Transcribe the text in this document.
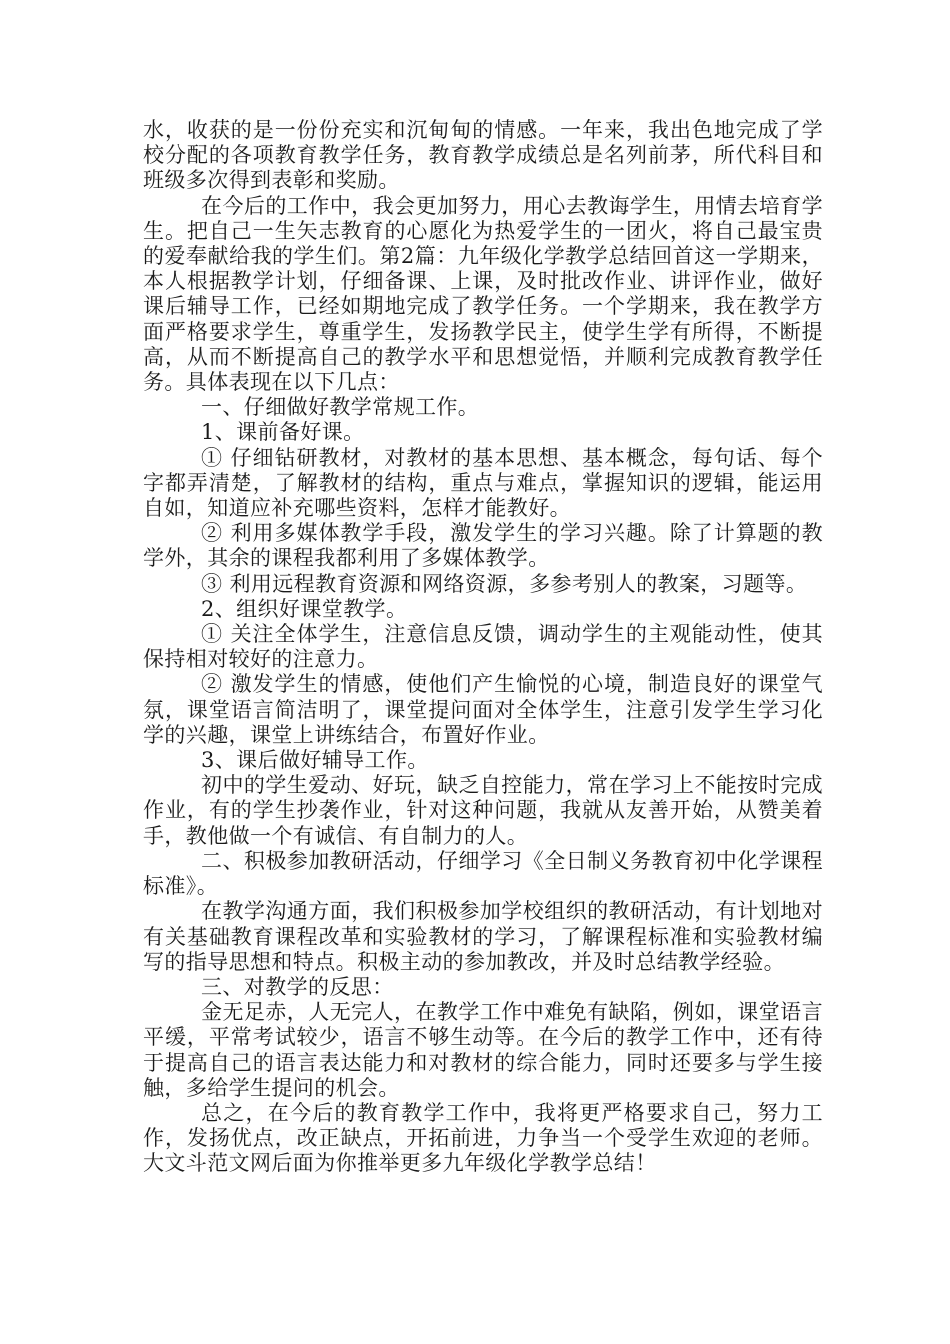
水，收获的是一份份充实和沉甸甸的情感。一年来，我出色地完成了学校分配的各项教育教学任务，教育教学成绩总是名列前茅，所代科目和班级多次得到表彰和奖励。

在今后的工作中，我会更加努力，用心去教诲学生，用情去培育学生。把自己一生矢志教育的心愿化为热爱学生的一团火，将自己最宝贵的爱奉献给我的学生们。第2篇：九年级化学教学总结回首这一学期来，本人根据教学计划，仔细备课、上课，及时批改作业、讲评作业，做好课后辅导工作，已经如期地完成了教学任务。一个学期来，我在教学方面严格要求学生，尊重学生，发扬教学民主，使学生学有所得，不断提高，从而不断提高自己的教学水平和思想觉悟，并顺利完成教育教学任务。具体表现在以下几点：

一、仔细做好教学常规工作。

1、课前备好课。

① 仔细钻研教材，对教材的基本思想、基本概念，每句话、每个字都弄清楚，了解教材的结构，重点与难点，掌握知识的逻辑，能运用自如，知道应补充哪些资料，怎样才能教好。

② 利用多媒体教学手段，激发学生的学习兴趣。除了计算题的教学外，其余的课程我都利用了多媒体教学。

③ 利用远程教育资源和网络资源，多参考别人的教案，习题等。

2、组织好课堂教学。

① 关注全体学生，注意信息反馈，调动学生的主观能动性，使其保持相对较好的注意力。

② 激发学生的情感，使他们产生愉悦的心境，制造良好的课堂气氛，课堂语言简洁明了，课堂提问面对全体学生，注意引发学生学习化学的兴趣，课堂上讲练结合，布置好作业。

3、课后做好辅导工作。

初中的学生爱动、好玩，缺乏自控能力，常在学习上不能按时完成作业，有的学生抄袭作业，针对这种问题，我就从友善开始，从赞美着手，教他做一个有诚信、有自制力的人。

二、积极参加教研活动，仔细学习《全日制义务教育初中化学课程标准》。

在教学沟通方面，我们积极参加学校组织的教研活动，有计划地对有关基础教育课程改革和实验教材的学习，了解课程标准和实验教材编写的指导思想和特点。积极主动的参加教改，并及时总结教学经验。

三、对教学的反思：

金无足赤，人无完人，在教学工作中难免有缺陷，例如，课堂语言平缓，平常考试较少，语言不够生动等。在今后的教学工作中，还有待于提高自己的语言表达能力和对教材的综合能力，同时还要多与学生接触，多给学生提问的机会。

总之，在今后的教育教学工作中，我将更严格要求自己，努力工作，发扬优点，改正缺点，开拓前进，力争当一个受学生欢迎的老师。大文斗范文网后面为你推举更多九年级化学教学总结！
